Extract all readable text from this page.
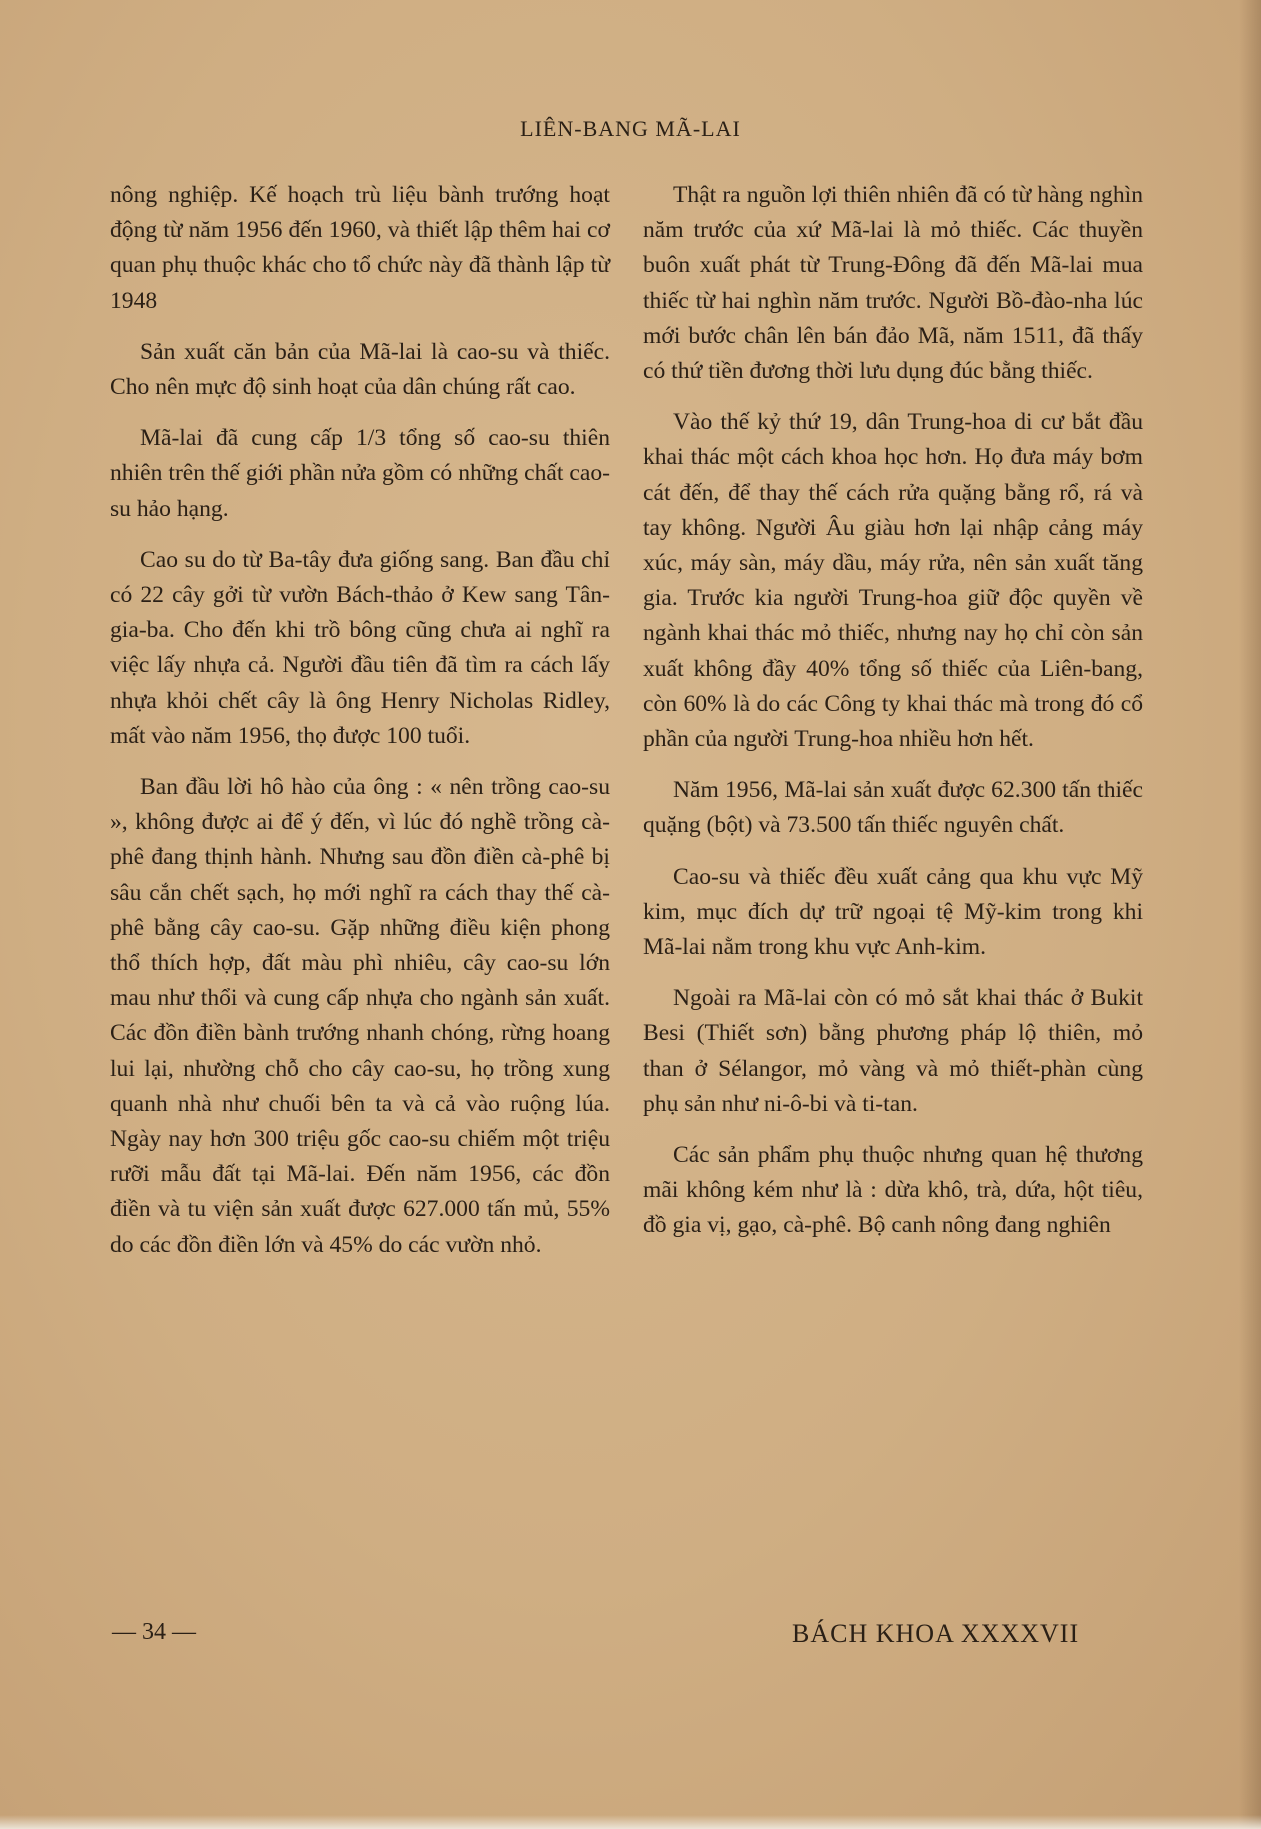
LIÊN-BANG MÃ-LAI

nông nghiệp. Kế hoạch trù liệu bành trướng hoạt động từ năm 1956 đến 1960, và thiết lập thêm hai cơ quan phụ thuộc khác cho tổ chức này đã thành lập từ 1948

Sản xuất căn bản của Mã-lai là cao-su và thiếc. Cho nên mực độ sinh hoạt của dân chúng rất cao.

Mã-lai đã cung cấp 1/3 tổng số cao-su thiên nhiên trên thế giới phần nửa gồm có những chất cao-su hảo hạng.

Cao su do từ Ba-tây đưa giống sang. Ban đầu chỉ có 22 cây gởi từ vườn Bách-thảo ở Kew sang Tân-gia-ba. Cho đến khi trồ bông cũng chưa ai nghĩ ra việc lấy nhựa cả. Người đầu tiên đã tìm ra cách lấy nhựa khỏi chết cây là ông Henry Nicholas Ridley, mất vào năm 1956, thọ được 100 tuổi.

Ban đầu lời hô hào của ông : « nên trồng cao-su », không được ai để ý đến, vì lúc đó nghề trồng cà-phê đang thịnh hành. Nhưng sau đồn điền cà-phê bị sâu cắn chết sạch, họ mới nghĩ ra cách thay thế cà-phê bằng cây cao-su. Gặp những điều kiện phong thổ thích hợp, đất màu phì nhiêu, cây cao-su lớn mau như thổi và cung cấp nhựa cho ngành sản xuất. Các đồn điền bành trướng nhanh chóng, rừng hoang lui lại, nhường chỗ cho cây cao-su, họ trồng xung quanh nhà như chuối bên ta và cả vào ruộng lúa. Ngày nay hơn 300 triệu gốc cao-su chiếm một triệu rưỡi mẫu đất tại Mã-lai. Đến năm 1956, các đồn điền và tu viện sản xuất được 627.000 tấn mủ, 55% do các đồn điền lớn và 45% do các vườn nhỏ.

Thật ra nguồn lợi thiên nhiên đã có từ hàng nghìn năm trước của xứ Mã-lai là mỏ thiếc. Các thuyền buôn xuất phát từ Trung-Đông đã đến Mã-lai mua thiếc từ hai nghìn năm trước. Người Bồ-đào-nha lúc mới bước chân lên bán đảo Mã, năm 1511, đã thấy có thứ tiền đương thời lưu dụng đúc bằng thiếc.

Vào thế kỷ thứ 19, dân Trung-hoa di cư bắt đầu khai thác một cách khoa học hơn. Họ đưa máy bơm cát đến, để thay thế cách rửa quặng bằng rổ, rá và tay không. Người Âu giàu hơn lại nhập cảng máy xúc, máy sàn, máy dầu, máy rửa, nên sản xuất tăng gia. Trước kia người Trung-hoa giữ độc quyền về ngành khai thác mỏ thiếc, nhưng nay họ chỉ còn sản xuất không đầy 40% tổng số thiếc của Liên-bang, còn 60% là do các Công ty khai thác mà trong đó cổ phần của người Trung-hoa nhiều hơn hết.

Năm 1956, Mã-lai sản xuất được 62.300 tấn thiếc quặng (bột) và 73.500 tấn thiếc nguyên chất.

Cao-su và thiếc đều xuất cảng qua khu vực Mỹ kim, mục đích dự trữ ngoại tệ Mỹ-kim trong khi Mã-lai nằm trong khu vực Anh-kim.

Ngoài ra Mã-lai còn có mỏ sắt khai thác ở Bukit Besi (Thiết sơn) bằng phương pháp lộ thiên, mỏ than ở Sélangor, mỏ vàng và mỏ thiết-phàn cùng phụ sản như ni-ô-bi và ti-tan.

Các sản phẩm phụ thuộc nhưng quan hệ thương mãi không kém như là : dừa khô, trà, dứa, hột tiêu, đồ gia vị, gạo, cà-phê. Bộ canh nông đang nghiên

— 34 —	BÁCH KHOA XXXXVII
